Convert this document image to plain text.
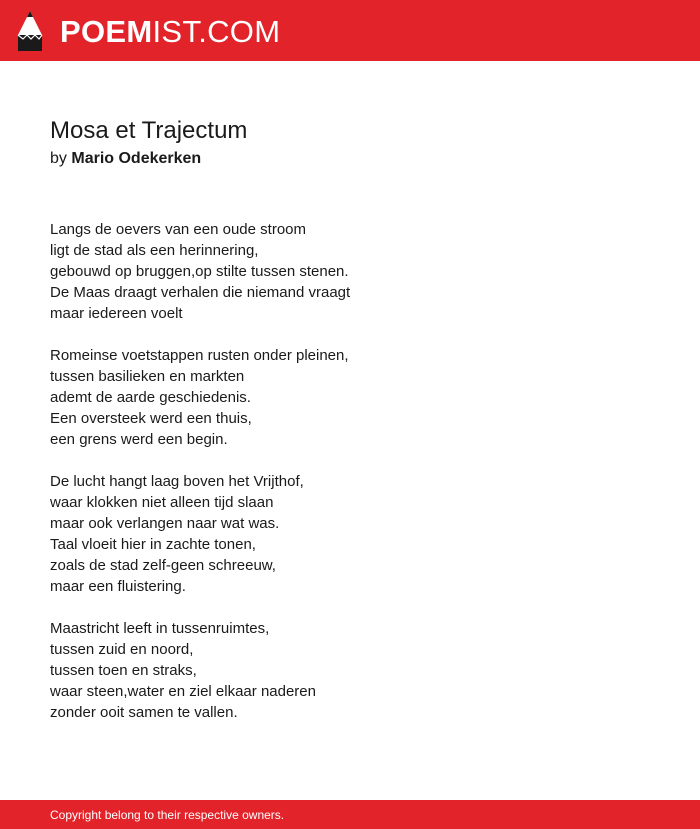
POEMIST.COM
Mosa et Trajectum
by Mario Odekerken
Langs de oevers van een oude stroom
ligt de stad als een herinnering,
gebouwd op bruggen,op stilte tussen stenen.
De Maas draagt verhalen die niemand vraagt
maar iedereen voelt
Romeinse voetstappen rusten onder pleinen,
tussen basilieken en markten
ademt de aarde geschiedenis.
Een oversteek werd een thuis,
een grens werd een begin.
De lucht hangt laag boven het Vrijthof,
waar klokken niet alleen tijd slaan
maar ook verlangen naar wat was.
Taal vloeit hier in zachte tonen,
zoals de stad zelf-geen schreeuw,
maar een fluistering.
Maastricht leeft in tussenruimtes,
tussen zuid en noord,
tussen toen en straks,
waar steen,water en ziel elkaar naderen
zonder ooit samen te vallen.
Copyright belong to their respective owners.
